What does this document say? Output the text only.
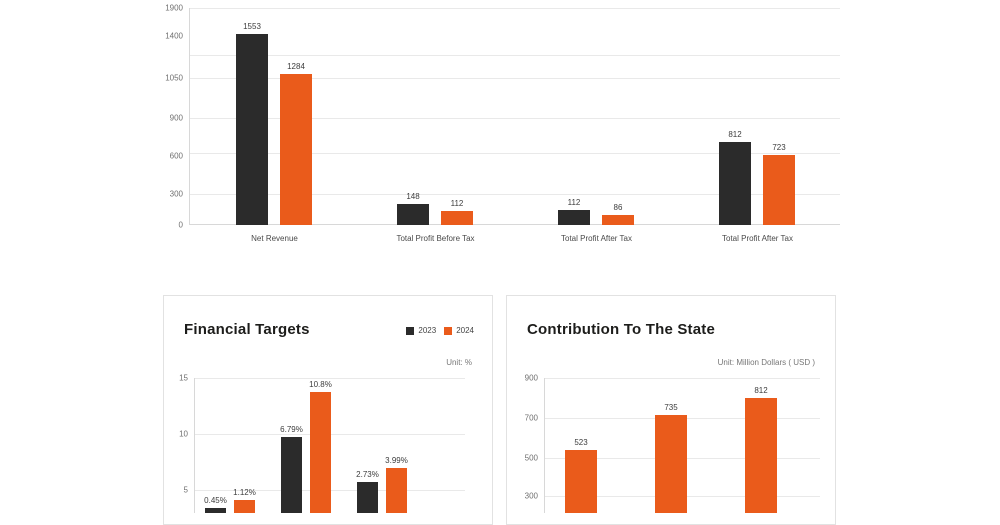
1900
1400
1050
900
600
300
0
1553
1284
Net Revenue
148
112
Total Profit Before Tax
112
86
Total Profit After Tax
812
723
Total Profit After Tax
Financial Targets	2023	2024
Unit: %
15
10
5
0.45%
1.12%
6.79%
10.8%
2.73%
3.99%
Contribution To The State
Unit: Million Dollars ( USD )
900
700
500
300
523
735
812
